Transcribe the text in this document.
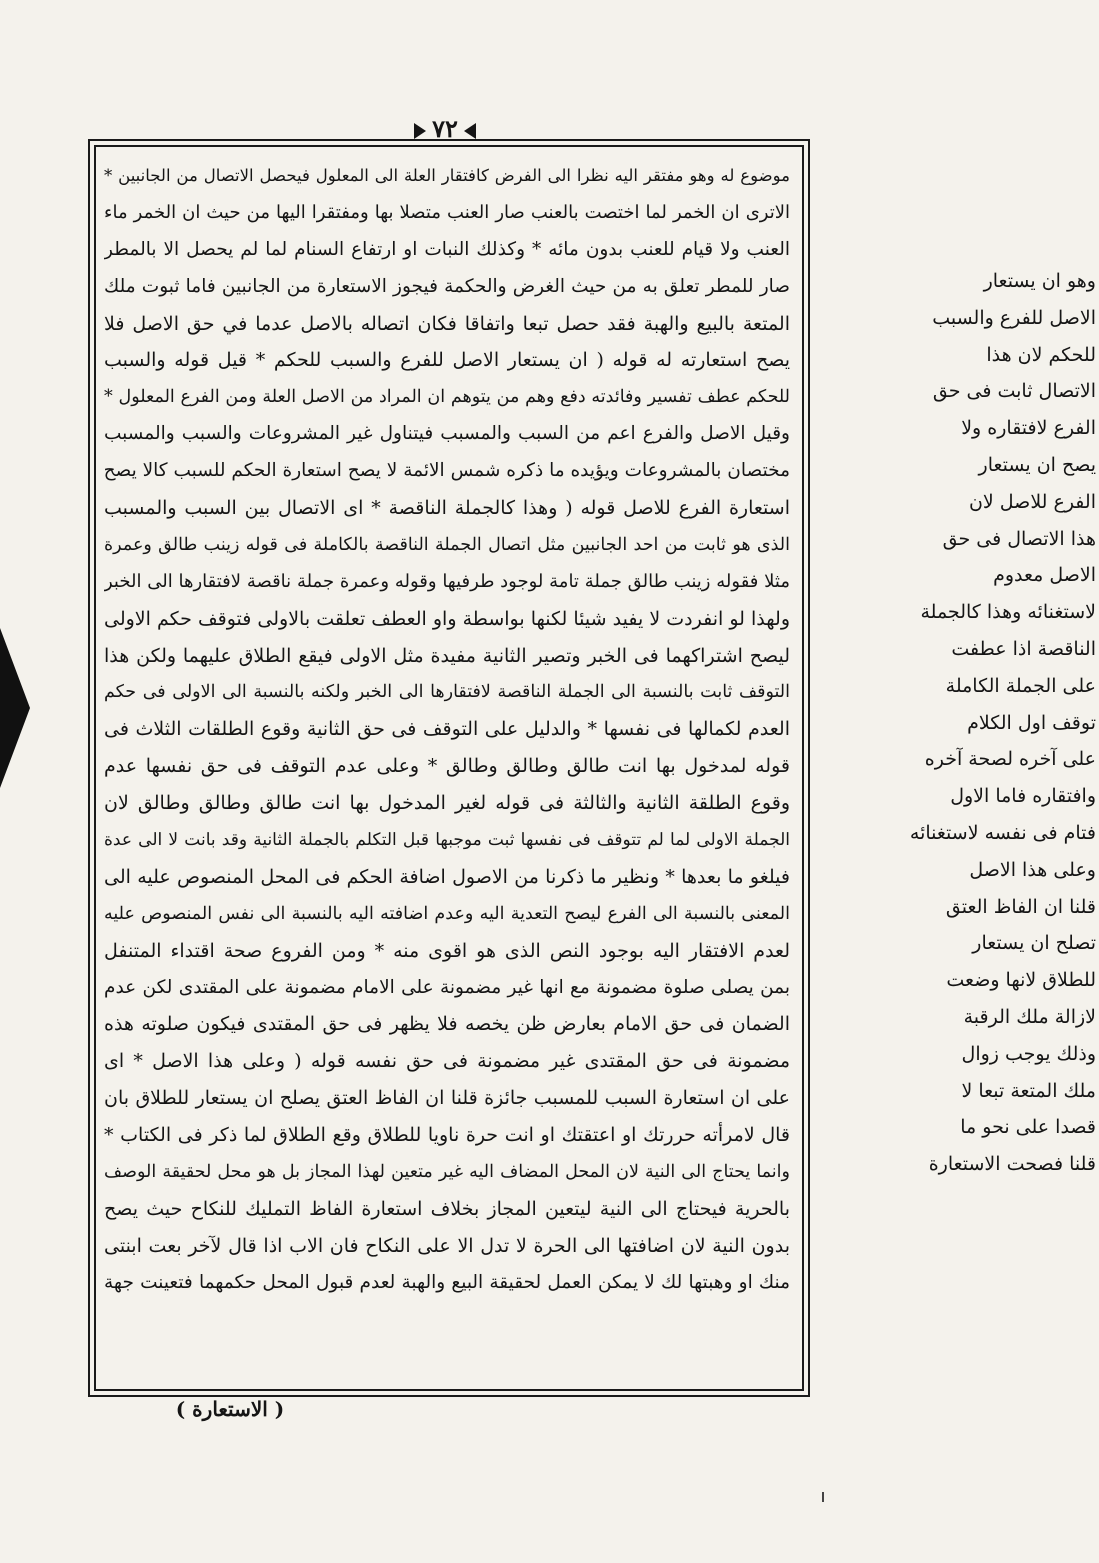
٧٢
موضوع له وهو مفتقر اليه نظرا الى الفرض كافتقار العلة الى المعلول فيحصل الاتصال من الجانبين *
الاترى ان الخمر لما اختصت بالعنب صار العنب متصلا بها ومفتقرا اليها من حيث ان الخمر ماء
العنب ولا قيام للعنب بدون مائه * وكذلك النبات او ارتفاع السنام لما لم يحصل الا بالمطر
صار للمطر تعلق به من حيث الغرض والحكمة فيجوز الاستعارة من الجانبين فاما ثبوت ملك
المتعة بالبيع والهبة فقد حصل تبعا واتفاقا فكان اتصاله بالاصل عدما في حق الاصل فلا
يصح استعارته له قوله ( ان يستعار الاصل للفرع والسبب للحكم * قيل قوله والسبب
للحكم عطف تفسير وفائدته دفع وهم من يتوهم ان المراد من الاصل العلة ومن الفرع المعلول *
وقيل الاصل والفرع اعم من السبب والمسبب فيتناول غير المشروعات والسبب والمسبب
مختصان بالمشروعات ويؤيده ما ذكره شمس الائمة لا يصح استعارة الحكم للسبب كالا يصح
استعارة الفرع للاصل قوله ( وهذا كالجملة الناقصة * اى الاتصال بين السبب والمسبب
الذى هو ثابت من احد الجانبين مثل اتصال الجملة الناقصة بالكاملة فى قوله زينب طالق وعمرة
مثلا فقوله زينب طالق جملة تامة لوجود طرفيها وقوله وعمرة جملة ناقصة لافتقارها الى الخبر
ولهذا لو انفردت لا يفيد شيئا لكنها بواسطة واو العطف تعلقت بالاولى فتوقف حكم الاولى
ليصح اشتراكهما فى الخبر وتصير الثانية مفيدة مثل الاولى فيقع الطلاق عليهما ولكن هذا
التوقف ثابت بالنسبة الى الجملة الناقصة لافتقارها الى الخبر ولكنه بالنسبة الى الاولى فى حكم
العدم لكمالها فى نفسها * والدليل على التوقف فى حق الثانية وقوع الطلقات الثلاث فى
قوله لمدخول بها انت طالق وطالق وطالق * وعلى عدم التوقف فى حق نفسها عدم
وقوع الطلقة الثانية والثالثة فى قوله لغير المدخول بها انت طالق وطالق وطالق لان
الجملة الاولى لما لم تتوقف فى نفسها ثبت موجبها قبل التكلم بالجملة الثانية وقد بانت لا الى عدة
فيلغو ما بعدها * ونظير ما ذكرنا من الاصول اضافة الحكم فى المحل المنصوص عليه الى
المعنى بالنسبة الى الفرع ليصح التعدية اليه وعدم اضافته اليه بالنسبة الى نفس المنصوص عليه
لعدم الافتقار اليه بوجود النص الذى هو اقوى منه * ومن الفروع صحة اقتداء المتنفل
بمن يصلى صلوة مضمونة مع انها غير مضمونة على الامام مضمونة على المقتدى لكن عدم
الضمان فى حق الامام بعارض ظن يخصه فلا يظهر فى حق المقتدى فيكون صلوته هذه
مضمونة فى حق المقتدى غير مضمونة فى حق نفسه قوله ( وعلى هذا الاصل * اى
على ان استعارة السبب للمسبب جائزة قلنا ان الفاظ العتق يصلح ان يستعار للطلاق بان
قال لامرأته حررتك او اعتقتك او انت حرة ناويا للطلاق وقع الطلاق لما ذكر فى الكتاب *
وانما يحتاج الى النية لان المحل المضاف اليه غير متعين لهذا المجاز بل هو محل لحقيقة الوصف
بالحرية فيحتاج الى النية ليتعين المجاز بخلاف استعارة الفاظ التمليك للنكاح حيث يصح
بدون النية لان اضافتها الى الحرة لا تدل الا على النكاح فان الاب اذا قال لآخر بعت ابنتى
منك او وهبتها لك لا يمكن العمل لحقيقة البيع والهبة لعدم قبول المحل حكمهما فتعينت جهة
وهو ان يستعار
الاصل للفرع والسبب
للحكم لان هذا
الاتصال ثابت فى حق
الفرع لافتقاره ولا
يصح ان يستعار
الفرع للاصل لان
هذا الاتصال فى حق
الاصل معدوم
لاستغنائه وهذا كالجملة
الناقصة اذا عطفت
على الجملة الكاملة
توقف اول الكلام
على آخره لصحة آخره
وافتقاره فاما الاول
فتام فى نفسه لاستغنائه
وعلى هذا الاصل
قلنا ان الفاظ العتق
تصلح ان يستعار
للطلاق لانها وضعت
لازالة ملك الرقبة
وذلك يوجب زوال
ملك المتعة تبعا لا
قصدا على نحو ما
قلنا فصحت الاستعارة
( الاستعارة )
